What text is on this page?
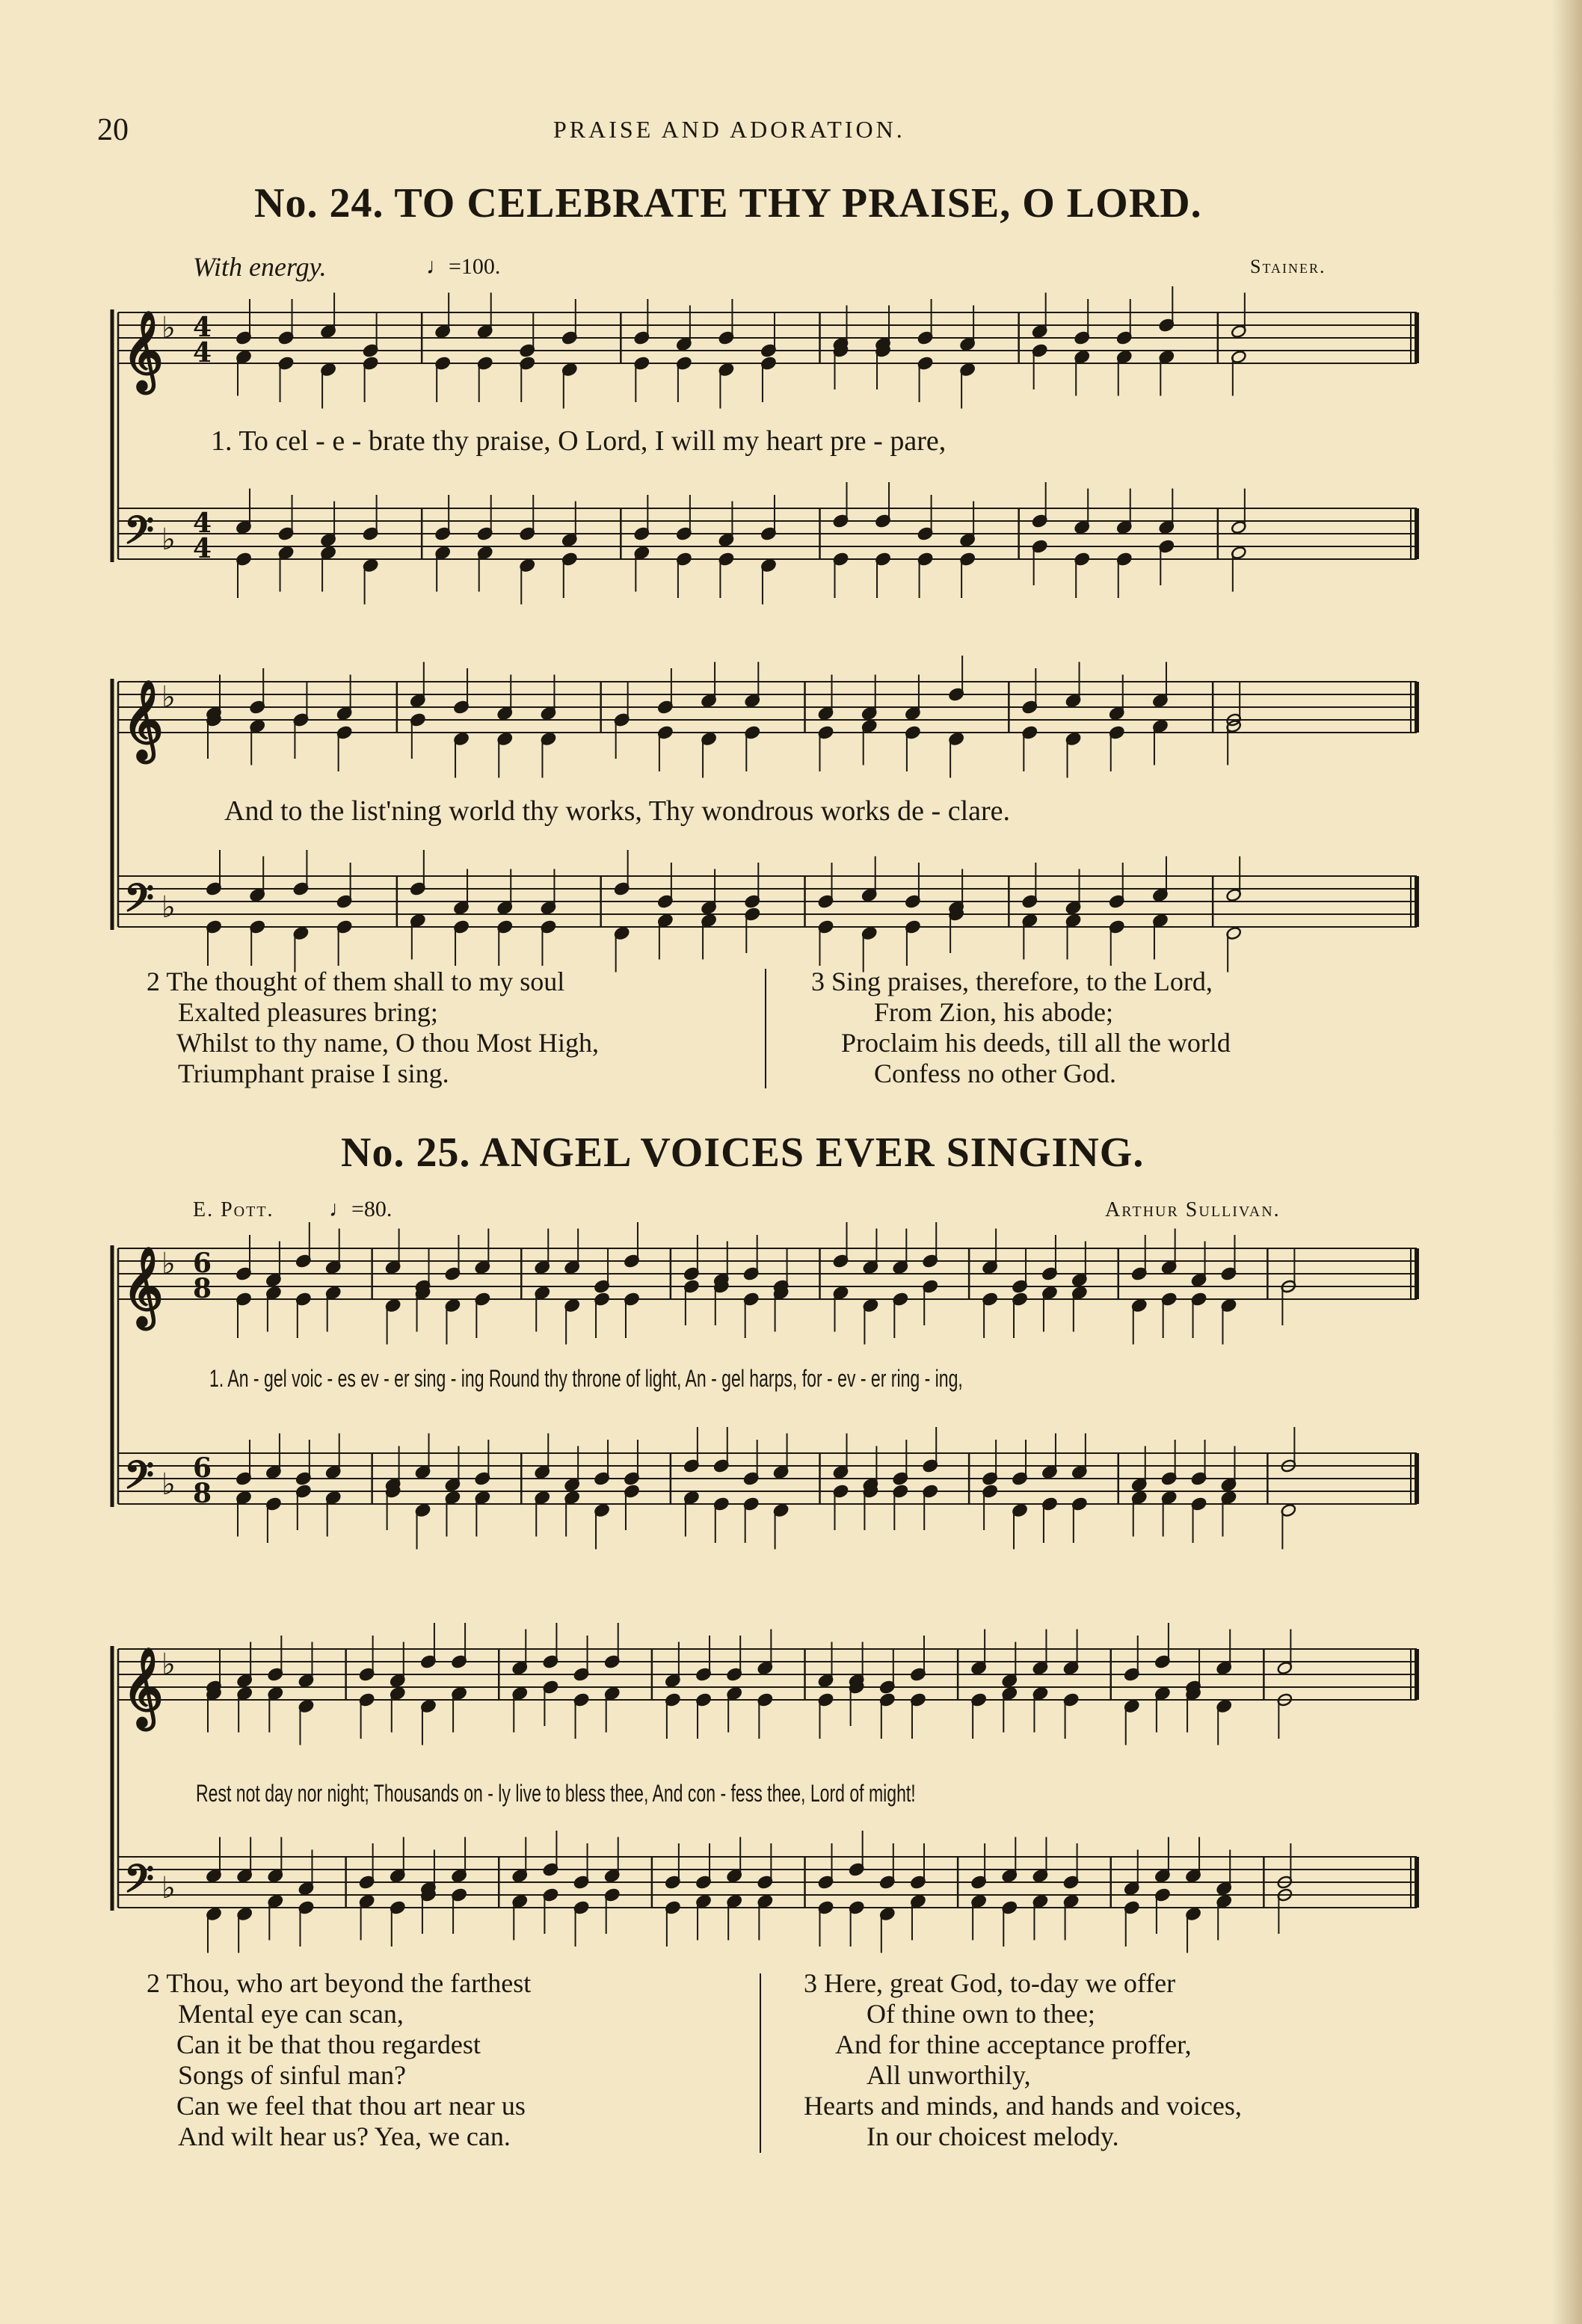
20	PRAISE AND ADORATION.
No. 24. TO CELEBRATE THY PRAISE, O LORD.
With energy.	♩=100.	Stainer.
1. To cel - e - brate thy praise, O Lord, I will my heart pre - pare,
And to the list'ning world thy works, Thy wondrous works de - clare.
2 The thought of them shall to my soul
Exalted pleasures bring;
Whilst to thy name, O thou Most High,
Triumphant praise I sing.
3 Sing praises, therefore, to the Lord,
From Zion, his abode;
Proclaim his deeds, till all the world
Confess no other God.
No. 25. ANGEL VOICES EVER SINGING.
E. Pott. ♩=80.	Arthur Sullivan.
1. An - gel voic - es ev - er sing - ing Round thy throne of light, An - gel harps, for - ev - er ring - ing,
Rest not day nor night; Thousands on - ly live to bless thee, And con - fess thee, Lord of might!
2 Thou, who art beyond the farthest
Mental eye can scan,
Can it be that thou regardest
Songs of sinful man?
Can we feel that thou art near us
And wilt hear us? Yea, we can.
3 Here, great God, to-day we offer
Of thine own to thee;
And for thine acceptance proffer,
All unworthily,
Hearts and minds, and hands and voices,
In our choicest melody.
𝄞
𝄢
♭
♭
4
4
4
4
𝄞
𝄢
♭
♭
𝄞
𝄢
♭
♭
6
8
6
8
𝄞
𝄢
♭
♭
